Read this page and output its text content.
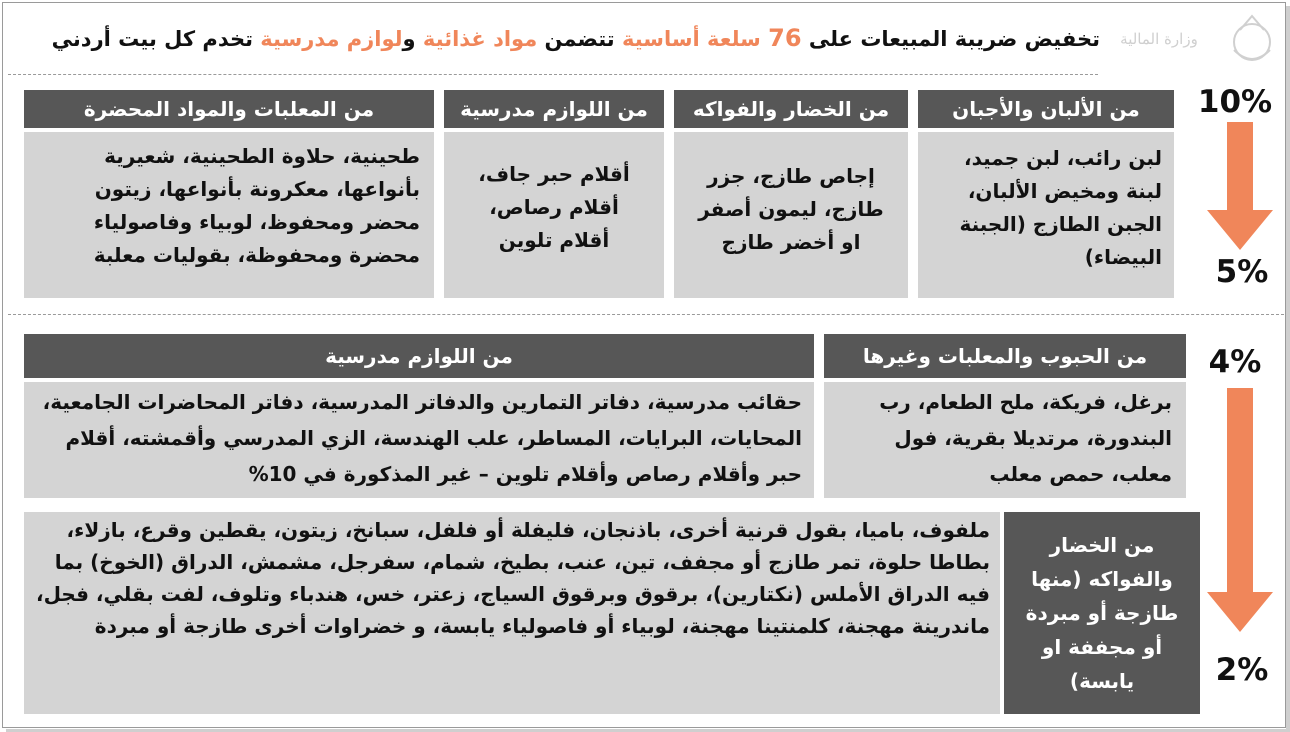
وزارة المالية
تخفيض ضريبة المبيعات على 76 سلعة أساسية تتضمن مواد غذائية ولوازم مدرسية تخدم كل بيت أردني
10%
5%
من الألبان والأجبان
لبن رائب، لبن جميد، لبنة ومخيض الألبان، الجبن الطازج (الجبنة البيضاء)
من الخضار والفواكه
إجاص طازج، جزر طازج، ليمون أصفر او أخضر طازج
من اللوازم مدرسية
أقلام حبر جاف، أقلام رصاص، أقلام تلوين
من المعلبات والمواد المحضرة
طحينية، حلاوة الطحينية، شعيرية بأنواعها، معكرونة بأنواعها، زيتون محضر ومحفوظ، لوبياء وفاصولياء محضرة ومحفوظة، بقوليات معلبة
4%
2%
من الحبوب والمعلبات وغيرها
برغل، فريكة، ملح الطعام، رب البندورة، مرتديلا بقرية، فول معلب، حمص معلب
من اللوازم مدرسية
حقائب مدرسية، دفاتر التمارين والدفاتر المدرسية، دفاتر المحاضرات الجامعية، المحايات، البرايات، المساطر، علب الهندسة، الزي المدرسي وأقمشته، أقلام حبر وأقلام رصاص وأقلام تلوين – غير المذكورة في 10%
من الخضار والفواكه (منها طازجة أو مبردة أو مجففة او يابسة)
ملفوف، باميا، بقول قرنية أخرى، باذنجان، فليفلة أو فلفل، سبانخ، زيتون، يقطين وقرع، بازلاء، بطاطا حلوة، تمر طازج أو مجفف، تين، عنب، بطيخ، شمام، سفرجل، مشمش، الدراق (الخوخ) بما فيه الدراق الأملس (نكتارين)، برقوق وبرقوق السياج، زعتر، خس، هندباء وتلوف، لفت بقلي، فجل، ماندرينة مهجنة، كلمنتينا مهجنة، لوبياء أو فاصولياء يابسة، و خضراوات أخرى طازجة أو مبردة
